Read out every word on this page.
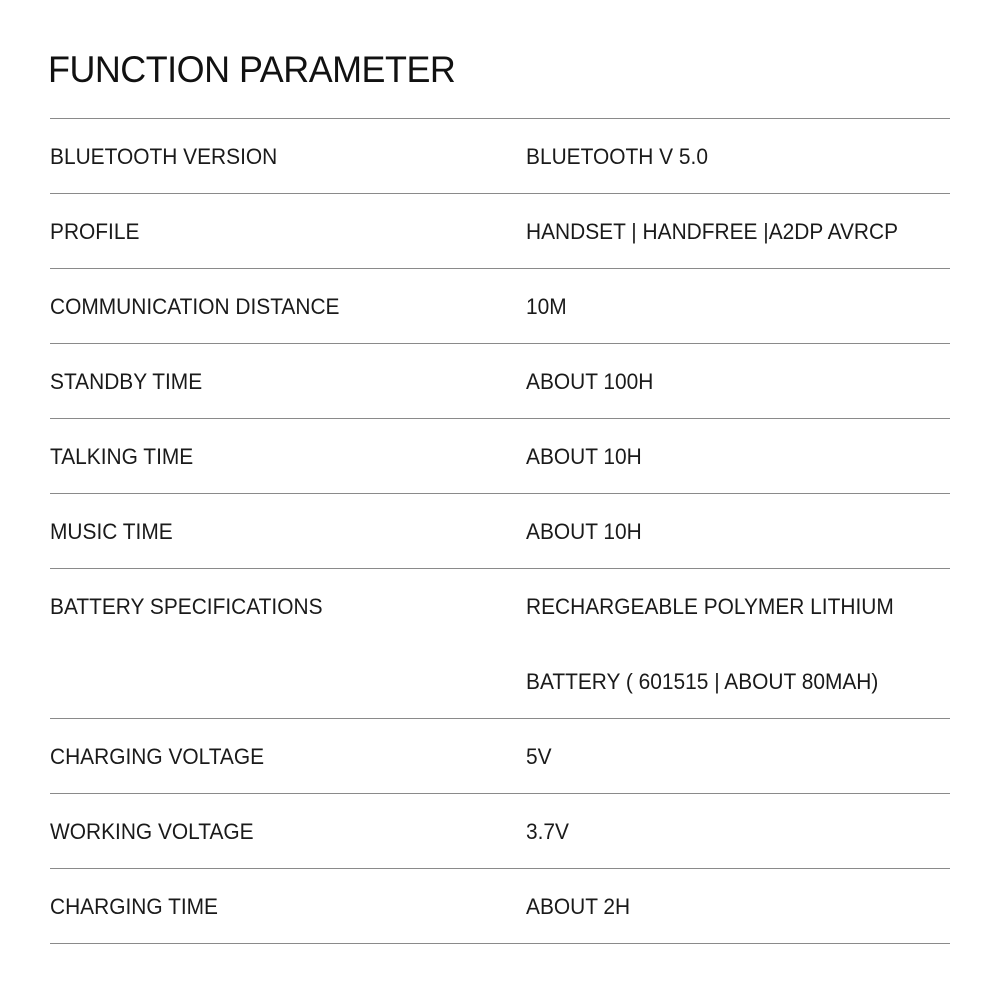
FUNCTION PARAMETER
BLUETOOTH VERSION	BLUETOOTH V 5.0
PROFILE	HANDSET | HANDFREE |A2DP AVRCP
COMMUNICATION DISTANCE	10M
STANDBY TIME	ABOUT 100H
TALKING TIME	ABOUT 10H
MUSIC TIME	ABOUT 10H
BATTERY SPECIFICATIONS	RECHARGEABLE POLYMER LITHIUM
BATTERY ( 601515 | ABOUT 80MAH)
CHARGING VOLTAGE	5V
WORKING VOLTAGE	3.7V
CHARGING TIME	ABOUT 2H
